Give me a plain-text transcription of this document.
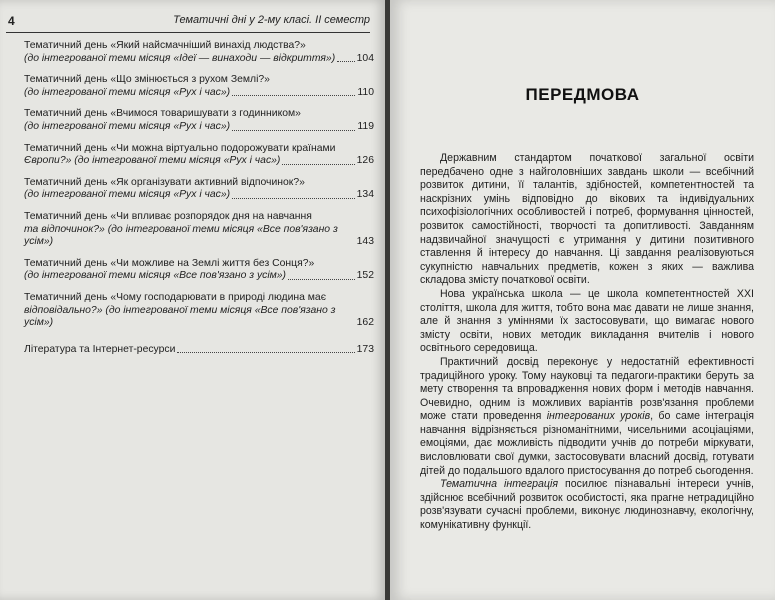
4	Тематичні дні у 2-му класі. ІІ семестр
Тематичний день «Який найсмачніший винахід людства?»
(до інтегрованої теми місяця «Ідеї — винаходи — відкриття») 104
Тематичний день «Що змінюється з рухом Землі?»
(до інтегрованої теми місяця «Рух і час»)	110
Тематичний день «Вчимося товаришувати з годинником»
(до інтегрованої теми місяця «Рух і час»)	119
Тематичний день «Чи можна віртуально подорожувати країнами
Європи?» (до інтегрованої теми місяця «Рух і час»)	126
Тематичний день «Як організувати активний відпочинок?»
(до інтегрованої теми місяця «Рух і час»)	134
Тематичний день «Чи впливає розпорядок дня на навчання
та відпочинок?» (до інтегрованої теми місяця «Все пов'язано з усім»)	143
Тематичний день «Чи можливе на Землі життя без Сонця?»
(до інтегрованої теми місяця «Все пов'язано з усім»)	152
Тематичний день «Чому господарювати в природі людина має
відповідально?» (до інтегрованої теми місяця «Все пов'язано з усім»)	162
Література та Інтернет-ресурси	173
ПЕРЕДМОВА

Державним стандартом початкової загальної освіти передбачено одне з найголовніших завдань школи — всебічний розвиток дитини, її талантів, здібностей, компетентностей та наскрізних умінь відповідно до вікових та індивідуальних психофізіологічних особливостей і потреб, формування цінностей, розвиток самостійності, творчості та допитливості. Завданням надзвичайної значущості є утримання у дитини позитивного ставлення й інтересу до навчання. Ці завдання реалізовуються сукупністю навчальних предметів, кожен з яких — важлива складова змісту початкової освіти.

Нова українська школа — це школа компетентностей XXI століття, школа для життя, тобто вона має давати не лише знання, але й знання з уміннями їх застосовувати, що вимагає нового змісту освіти, нових методик викладання вчителів і нового освітнього середовища.

Практичний досвід переконує у недостатній ефективності традиційного уроку. Тому науковці та педагоги-практики беруть за мету створення та впровадження нових форм і методів навчання. Очевидно, одним із можливих варіантів розв'язання проблеми може стати проведення інтегрованих уроків, бо саме інтеграція навчання відрізняється різноманітними, чисельними асоціаціями, емоціями, дає можливість підводити учнів до потреби міркувати, висловлювати свої думки, застосовувати власний досвід, готувати дітей до подальшого вдалого пристосування до потреб сьогодення.

Тематична інтеграція посилює пізнавальні інтереси учнів, здійснює всебічний розвиток особистості, яка прагне нетрадиційно розв'язувати сучасні проблеми, виконує людинознавчу, екологічну, комунікативну функції.
